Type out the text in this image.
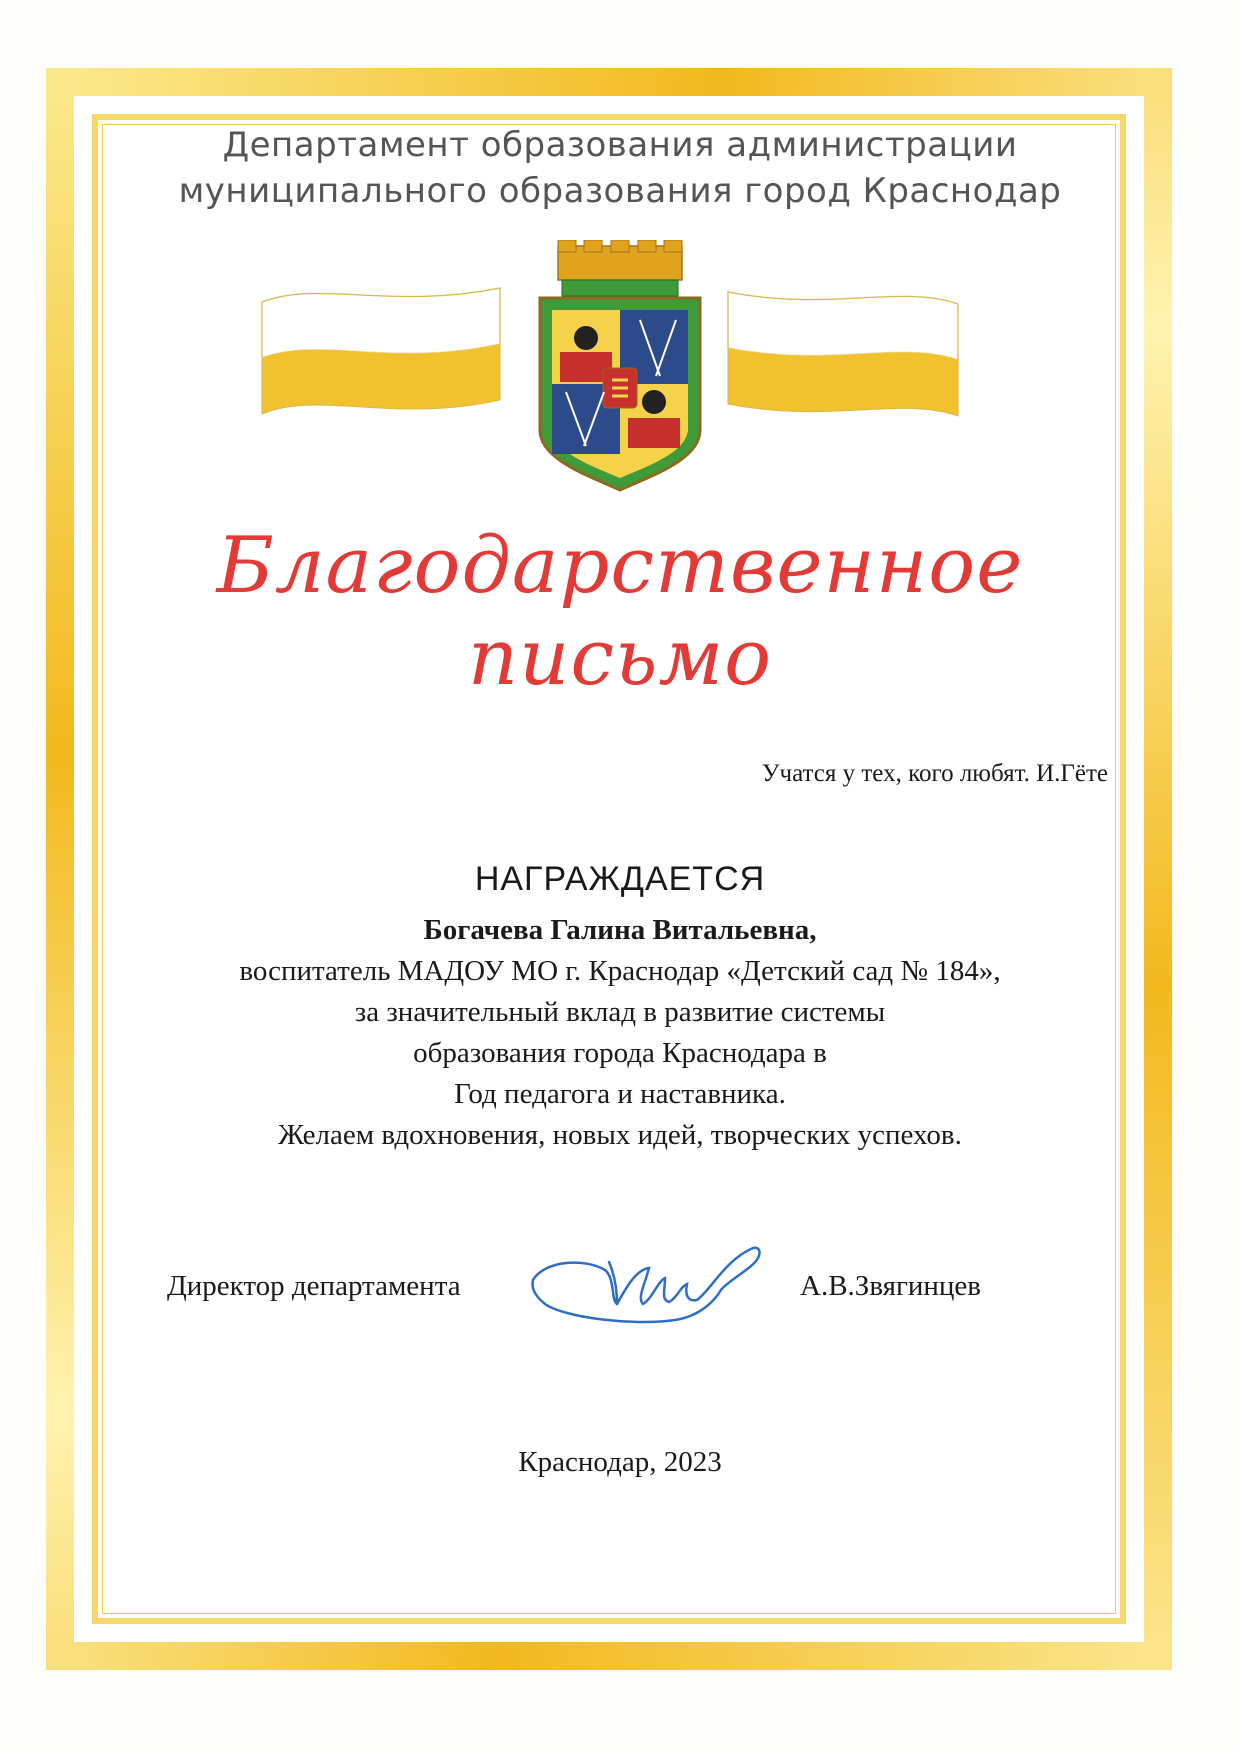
Департамент образования администрации
муниципального образования город Краснодар
Благодарственное
письмо
Учатся у тех, кого любят. И.Гёте
НАГРАЖДАЕТСЯ
Богачева Галина Витальевна,
воспитатель МАДОУ МО г. Краснодар «Детский сад № 184»,
за значительный вклад в развитие системы
образования города Краснодара в
Год педагога и наставника.
Желаем вдохновения, новых идей, творческих успехов.
Директор департамента	А.В.Звягинцев
Краснодар, 2023
